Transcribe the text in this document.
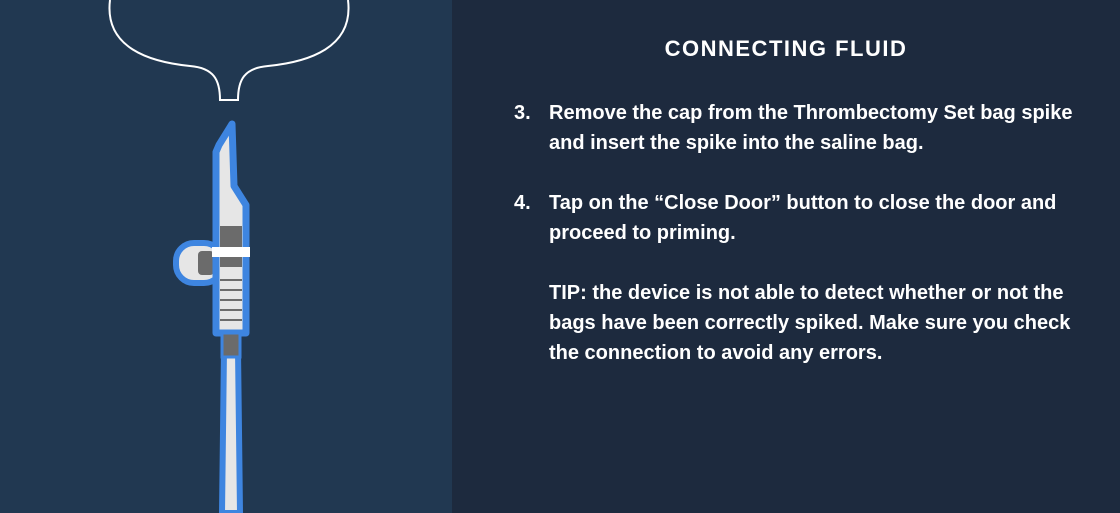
CONNECTING FLUID
3. Remove the cap from the Thrombectomy Set bag spike and insert the spike into the saline bag.
4. Tap on the “Close Door” button to close the door and proceed to priming.
TIP: the device is not able to detect whether or not the bags have been correctly spiked. Make sure you check the connection to avoid any errors.
